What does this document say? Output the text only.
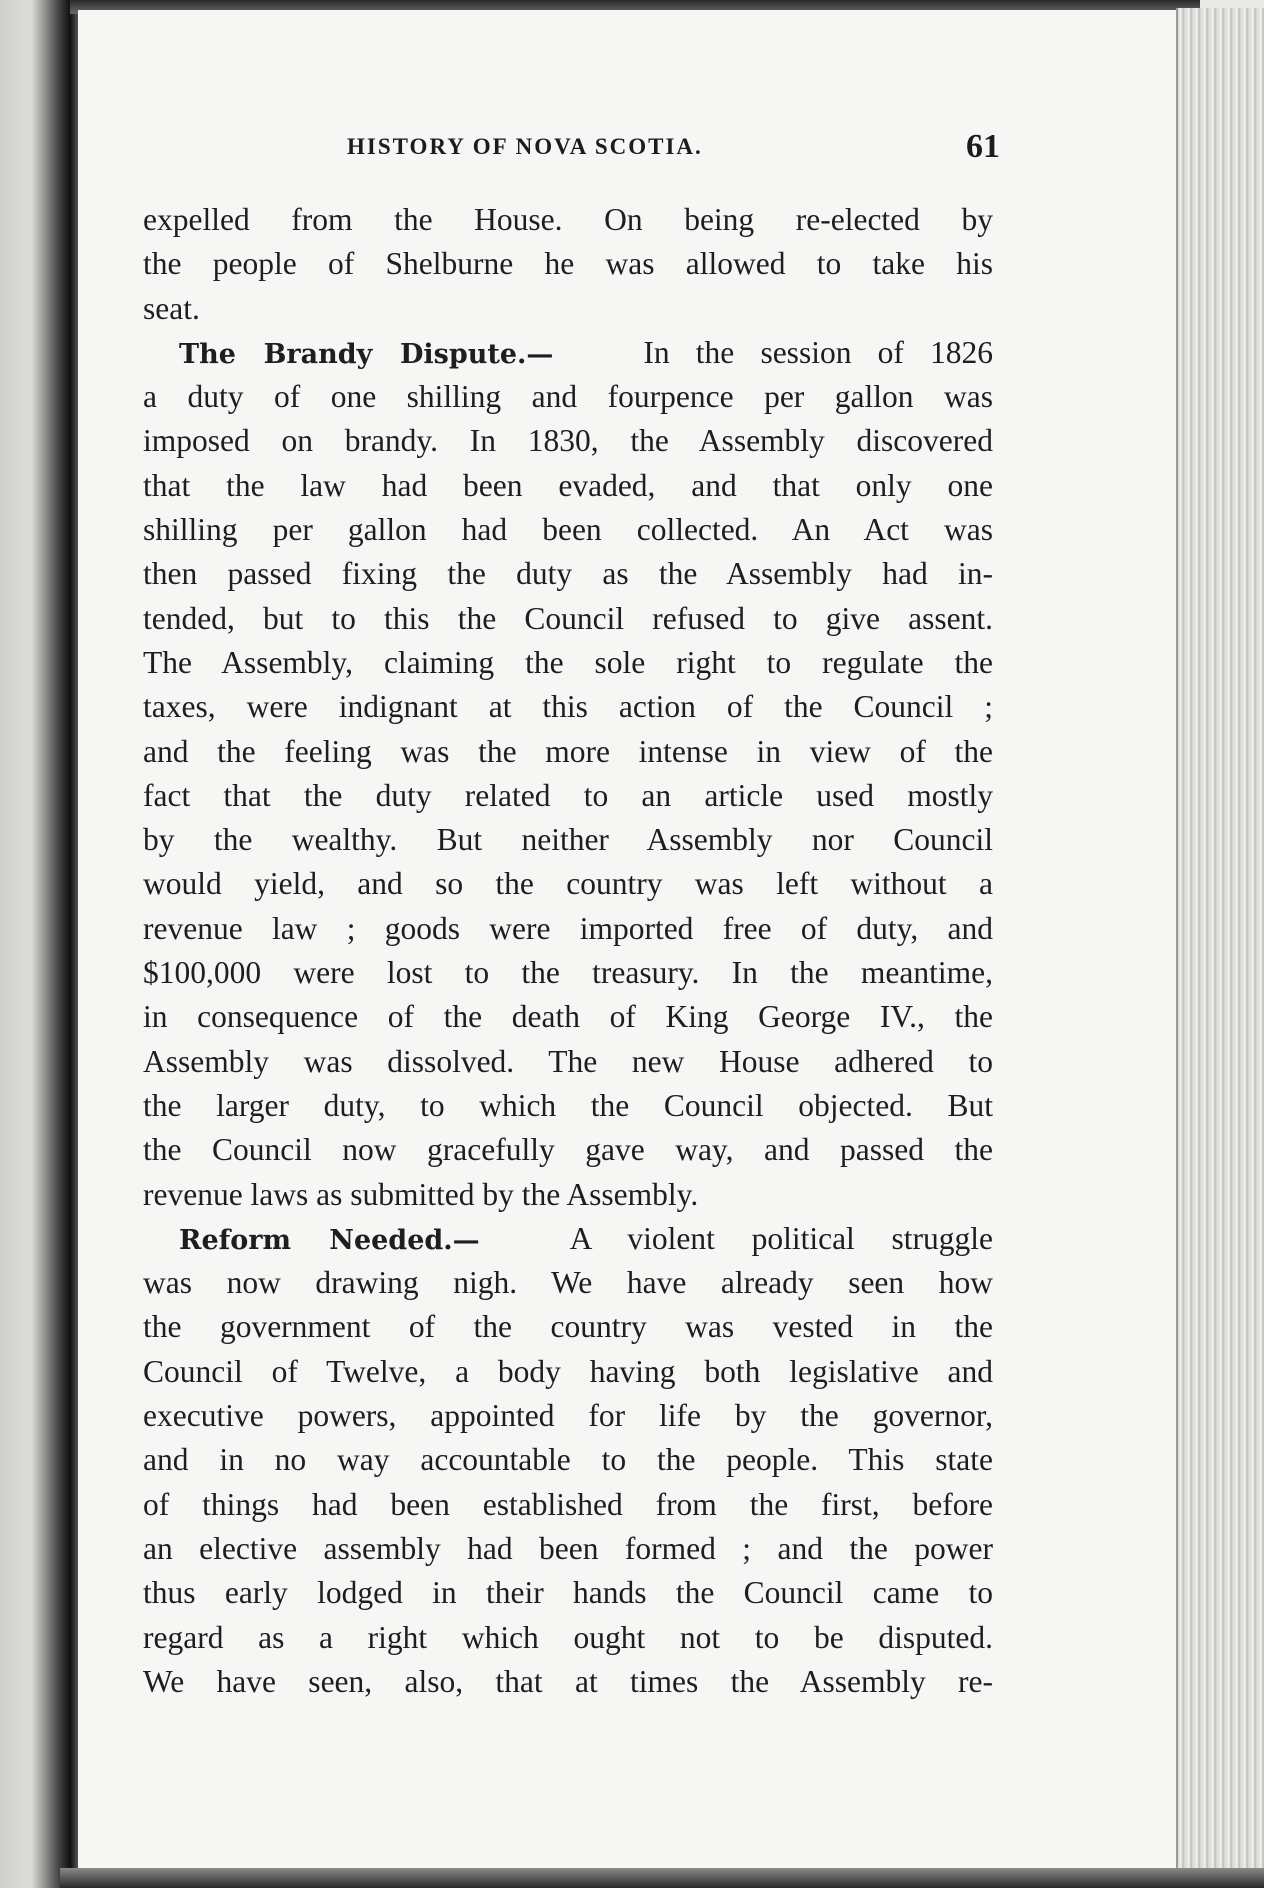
HISTORY OF NOVA SCOTIA.	61
expelled from the House. On being re-elected by
the people of Shelburne he was allowed to take his
seat.
The Brandy Dispute.—	In the session of 1826
a duty of one shilling and fourpence per gallon was
imposed on brandy. In 1830, the Assembly discovered
that the law had been evaded, and that only one
shilling per gallon had been collected. An Act was
then passed fixing the duty as the Assembly had in-
tended, but to this the Council refused to give assent.
The Assembly, claiming the sole right to regulate the
taxes, were indignant at this action of the Council ;
and the feeling was the more intense in view of the
fact that the duty related to an article used mostly
by the wealthy. But neither Assembly nor Council
would yield, and so the country was left without a
revenue law ; goods were imported free of duty, and
$100,000 were lost to the treasury. In the meantime,
in consequence of the death of King George IV., the
Assembly was dissolved. The new House adhered to
the larger duty, to which the Council objected. But
the Council now gracefully gave way, and passed the
revenue laws as submitted by the Assembly.
Reform Needed.—	A violent political struggle
was now drawing nigh. We have already seen how
the government of the country was vested in the
Council of Twelve, a body having both legislative and
executive powers, appointed for life by the governor,
and in no way accountable to the people. This state
of things had been established from the first, before
an elective assembly had been formed ; and the power
thus early lodged in their hands the Council came to
regard as a right which ought not to be disputed.
We have seen, also, that at times the Assembly re-
